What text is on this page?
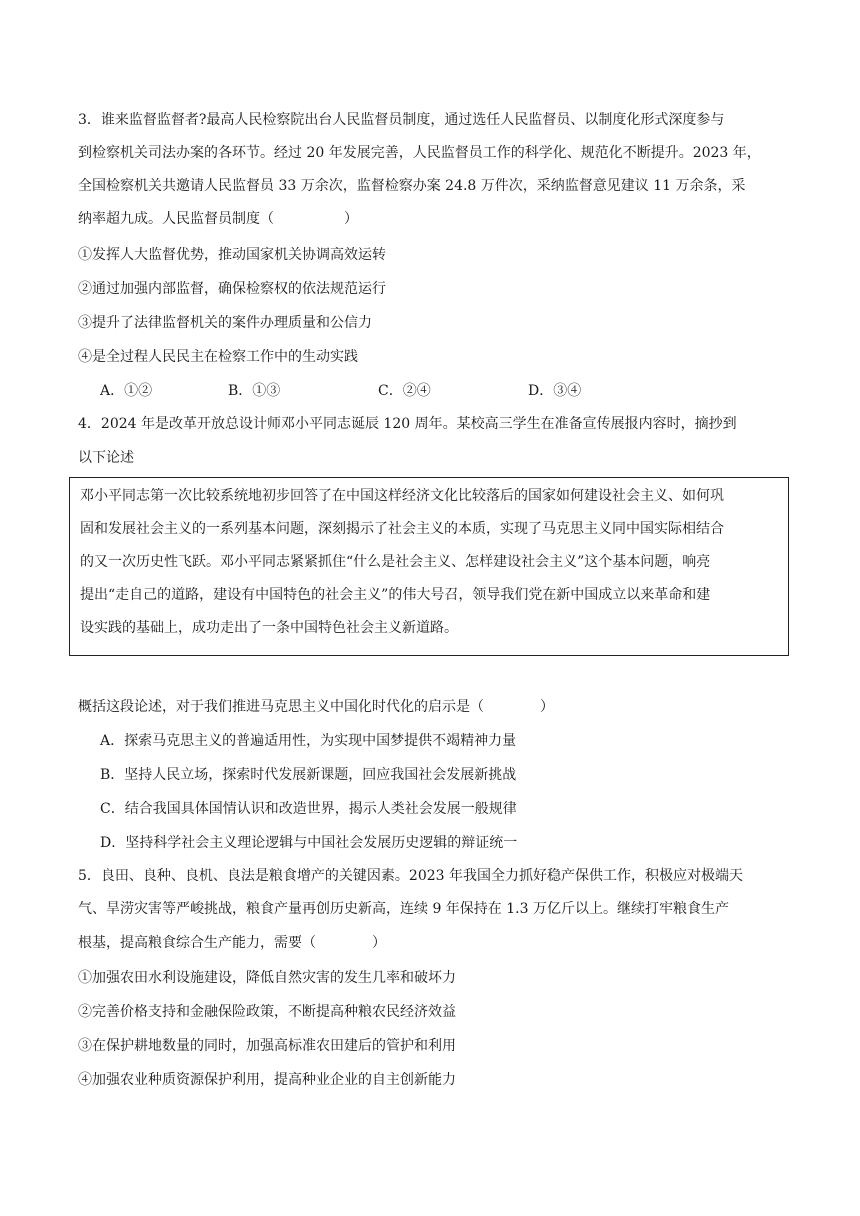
3．谁来监督监督者?最高人民检察院出台人民监督员制度，通过选任人民监督员、以制度化形式深度参与
到检察机关司法办案的各环节。经过 20 年发展完善，人民监督员工作的科学化、规范化不断提升。2023 年，
全国检察机关共邀请人民监督员 33 万余次，监督检察办案 24.8 万件次，采纳监督意见建议 11 万余条，采
纳率超九成。人民监督员制度（　　　　　）
①发挥人大监督优势，推动国家机关协调高效运转
②通过加强内部监督，确保检察权的依法规范运行
③提升了法律监督机关的案件办理质量和公信力
④是全过程人民民主在检察工作中的生动实践
A．①②	B．①③	C．②④	D．③④
4．2024 年是改革开放总设计师邓小平同志诞辰 120 周年。某校高三学生在准备宣传展报内容时，摘抄到
以下论述
邓小平同志第一次比较系统地初步回答了在中国这样经济文化比较落后的国家如何建设社会主义、如何巩
固和发展社会主义的一系列基本问题，深刻揭示了社会主义的本质，实现了马克思主义同中国实际相结合
的又一次历史性飞跃。邓小平同志紧紧抓住“什么是社会主义、怎样建设社会主义”这个基本问题，响亮
提出“走自己的道路，建设有中国特色的社会主义”的伟大号召，领导我们党在新中国成立以来革命和建
设实践的基础上，成功走出了一条中国特色社会主义新道路。
概括这段论述，对于我们推进马克思主义中国化时代化的启示是（　　　　）
A．探索马克思主义的普遍适用性，为实现中国梦提供不竭精神力量
B．坚持人民立场，探索时代发展新课题，回应我国社会发展新挑战
C．结合我国具体国情认识和改造世界，揭示人类社会发展一般规律
D．坚持科学社会主义理论逻辑与中国社会发展历史逻辑的辩证统一
5．良田、良种、良机、良法是粮食增产的关键因素。2023 年我国全力抓好稳产保供工作，积极应对极端天
气、旱涝灾害等严峻挑战，粮食产量再创历史新高，连续 9 年保持在 1.3 万亿斤以上。继续打牢粮食生产
根基，提高粮食综合生产能力，需要（　　　　）
①加强农田水利设施建设，降低自然灾害的发生几率和破坏力
②完善价格支持和金融保险政策，不断提高种粮农民经济效益
③在保护耕地数量的同时，加强高标准农田建后的管护和利用
④加强农业种质资源保护利用，提高种业企业的自主创新能力
